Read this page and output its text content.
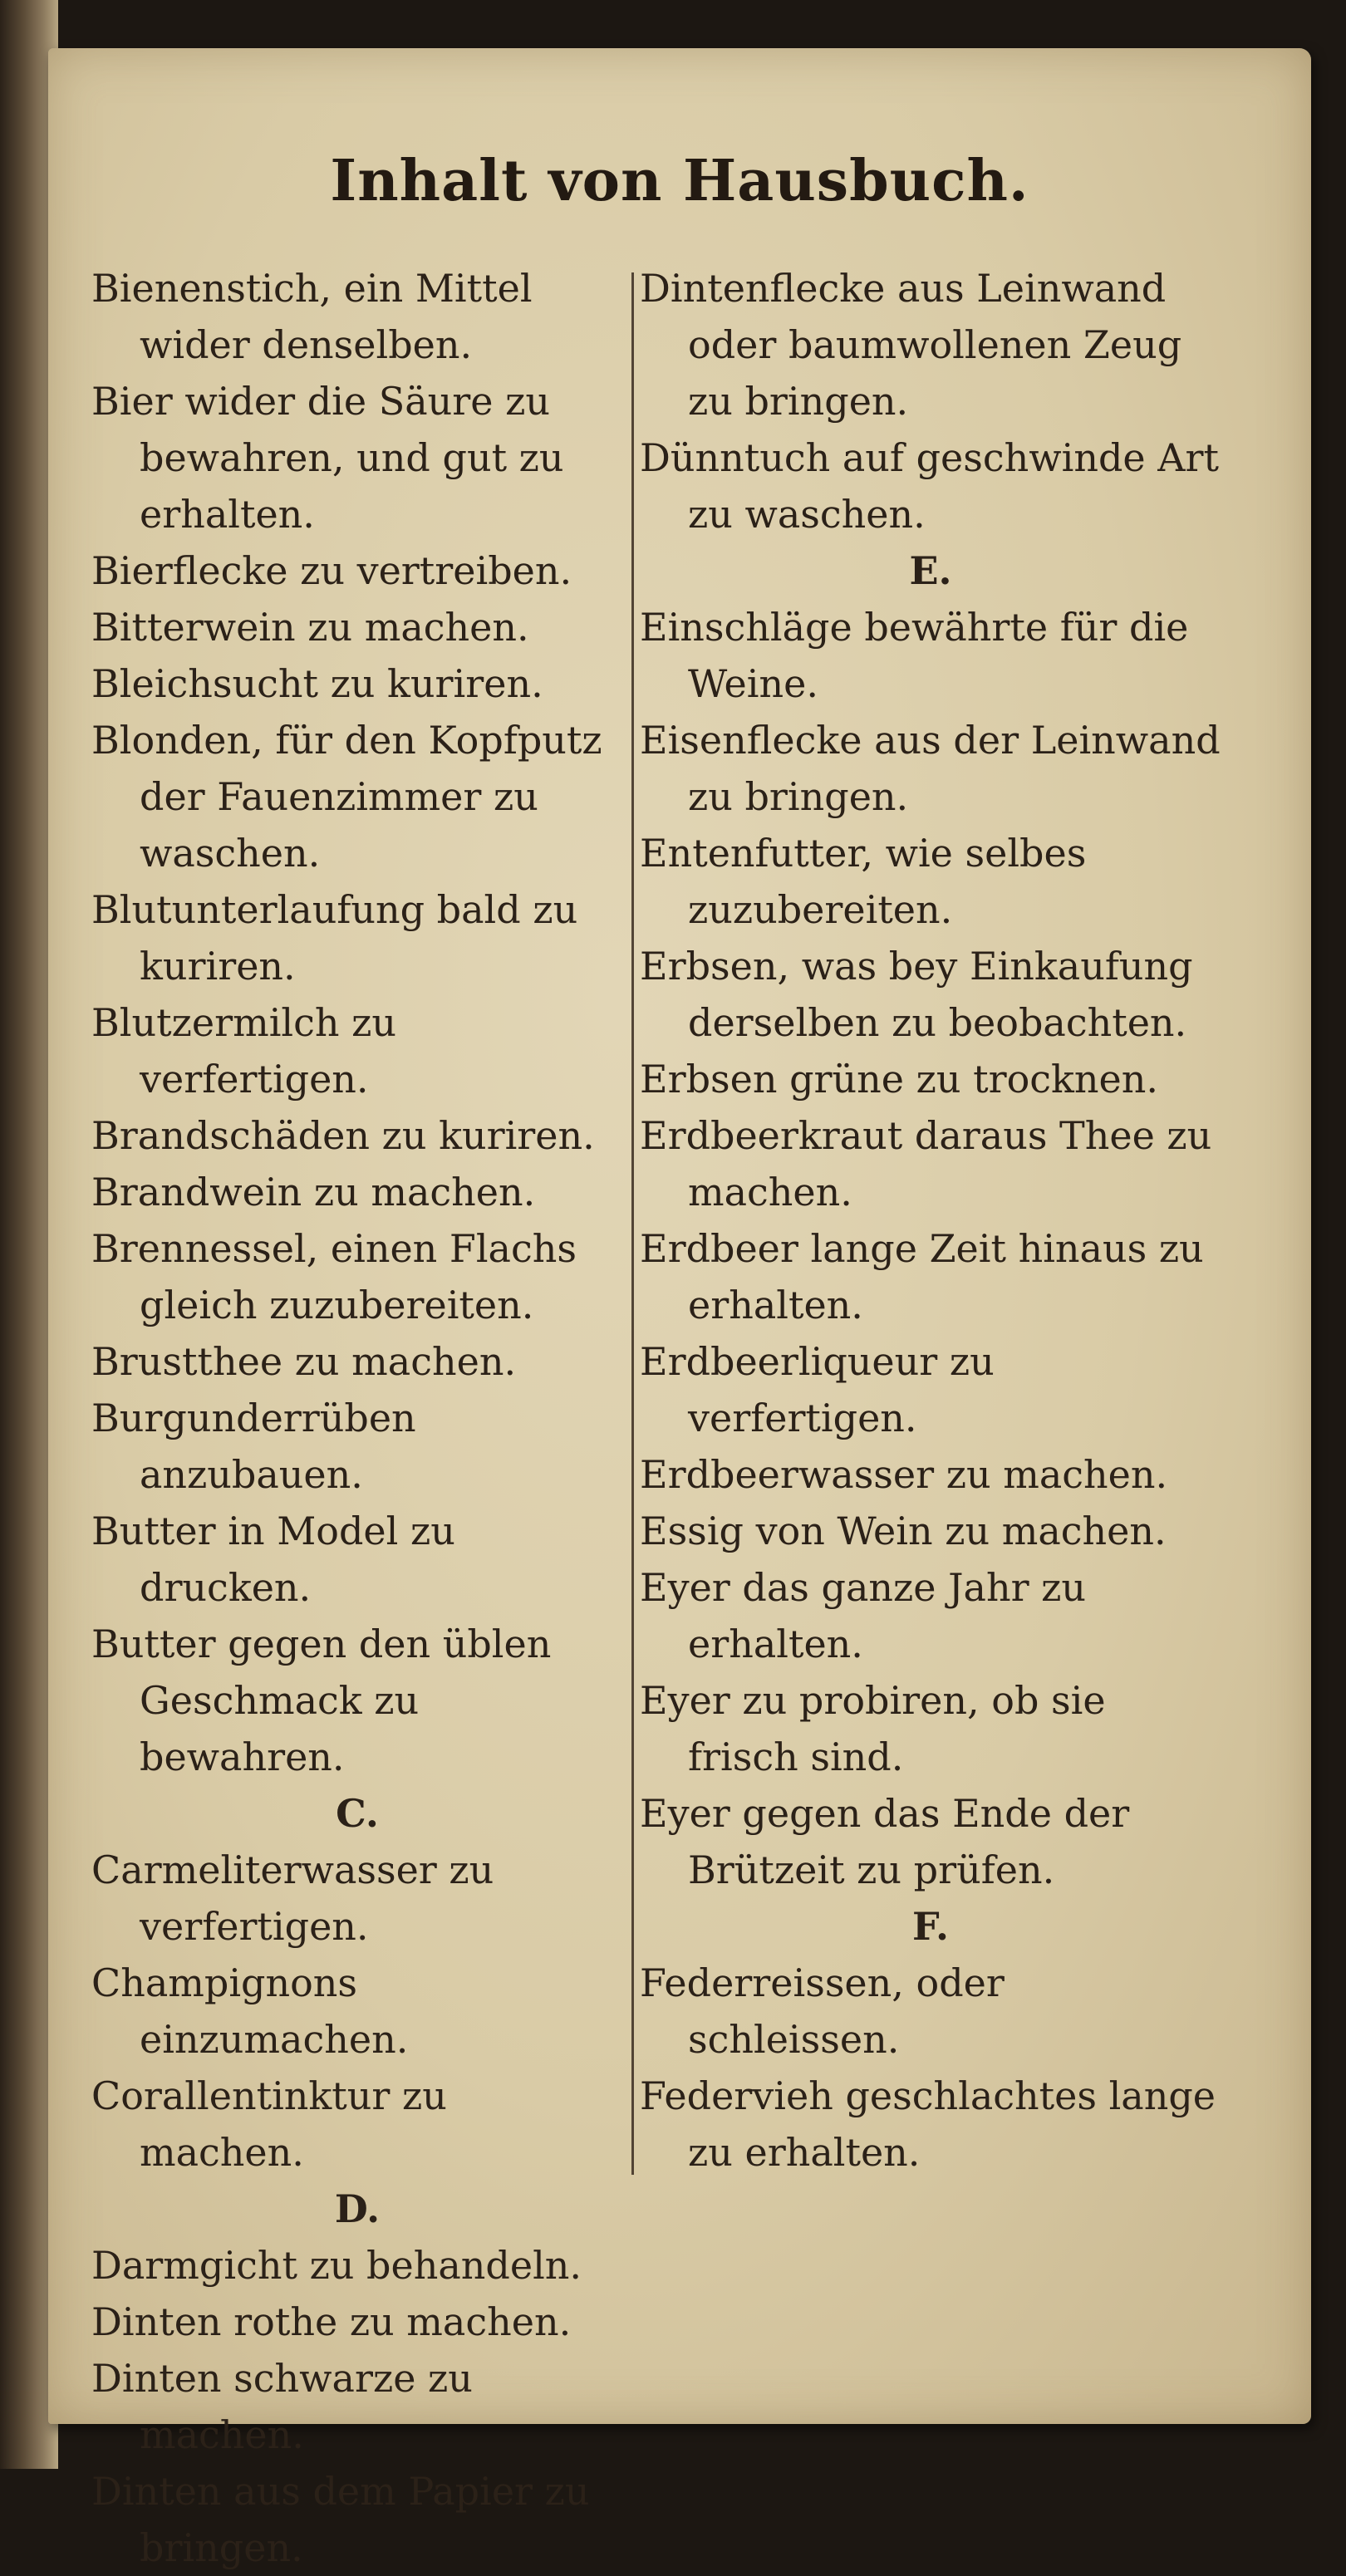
Inhalt von Hausbuch.

Bienenstich, ein Mittel wider denselben.

Bier wider die Säure zu bewahren, und gut zu erhalten.

Bierflecke zu vertreiben.

Bitterwein zu machen.

Bleichsucht zu kuriren.

Blonden, für den Kopfputz der Fauenzimmer zu waschen.

Blutunterlaufung bald zu kuriren.

Blutzermilch zu verfertigen.

Brandschäden zu kuriren.

Brandwein zu machen.

Brennessel, einen Flachs gleich zuzubereiten.

Brustthee zu machen.

Burgunderrüben anzubauen.

Butter in Model zu drucken.

Butter gegen den üblen Geschmack zu bewahren.

C.

Carmeliterwasser zu verfertigen.

Champignons einzumachen.

Corallentinktur zu machen.

D.

Darmgicht zu behandeln.

Dinten rothe zu machen.

Dinten schwarze zu machen.

Dinten aus dem Papier zu bringen.

Dintenflecke aus Leinwand oder baumwollenen Zeug zu bringen.

Dünntuch auf geschwinde Art zu waschen.

E.

Einschläge bewährte für die Weine.

Eisenflecke aus der Leinwand zu bringen.

Entenfutter, wie selbes zuzubereiten.

Erbsen, was bey Einkaufung derselben zu beobachten.

Erbsen grüne zu trocknen.

Erdbeerkraut daraus Thee zu machen.

Erdbeer lange Zeit hinaus zu erhalten.

Erdbeerliqueur zu verfertigen.

Erdbeerwasser zu machen.

Essig von Wein zu machen.

Eyer das ganze Jahr zu erhalten.

Eyer zu probiren, ob sie frisch sind.

Eyer gegen das Ende der Brützeit zu prüfen.

F.

Federreissen, oder schleissen.

Federvieh geschlachtes lange zu erhalten.
